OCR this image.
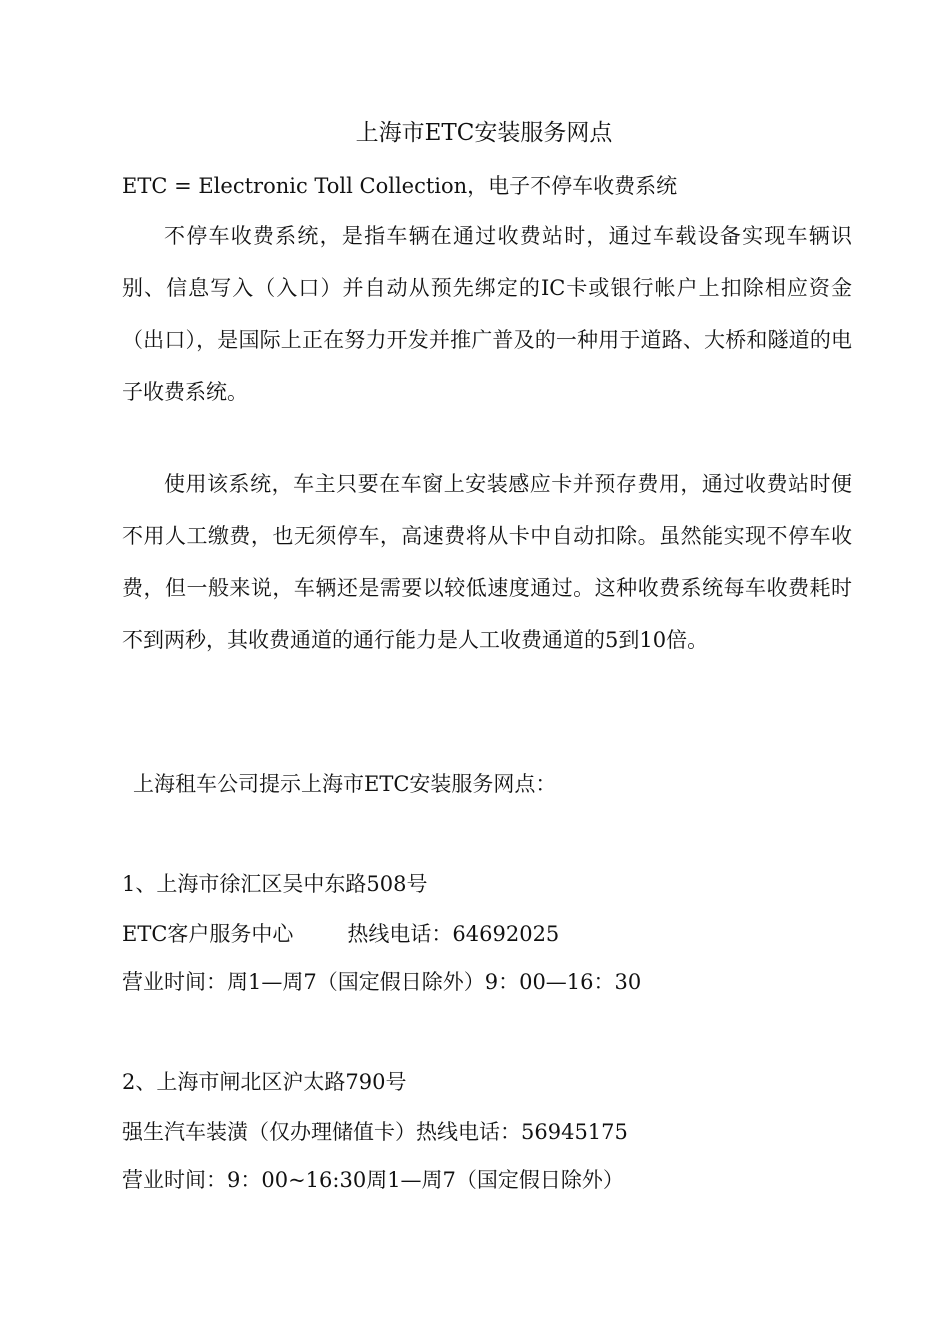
上海市ETC安装服务网点
ETC = Electronic Toll Collection，电子不停车收费系统
不停车收费系统，是指车辆在通过收费站时，通过车载设备实现车辆识别、信息写入（入口）并自动从预先绑定的IC卡或银行帐户上扣除相应资金（出口），是国际上正在努力开发并推广普及的一种用于道路、大桥和隧道的电子收费系统。
使用该系统，车主只要在车窗上安装感应卡并预存费用，通过收费站时便不用人工缴费，也无须停车，高速费将从卡中自动扣除。虽然能实现不停车收费，但一般来说，车辆还是需要以较低速度通过。这种收费系统每车收费耗时不到两秒，其收费通道的通行能力是人工收费通道的5到10倍。
上海租车公司提示上海市ETC安装服务网点：
1、上海市徐汇区吴中东路508号
ETC客户服务中心	热线电话：64692025
营业时间：周1—周7（国定假日除外）9：00—16：30
2、上海市闸北区沪太路790号
强生汽车装潢（仅办理储值卡）热线电话：56945175
营业时间：9：00~16:30周1—周7（国定假日除外）
